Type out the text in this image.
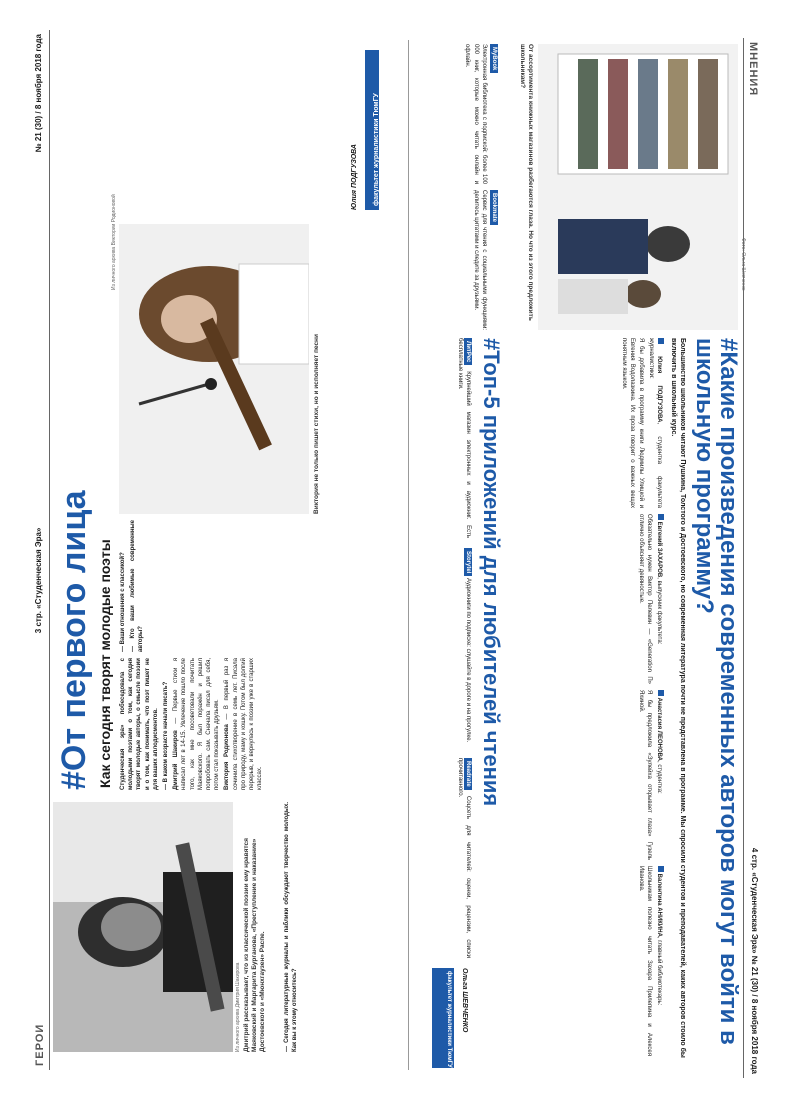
ГЕРОИ
3 стр. «Студенческая Эра»
№ 21 (30) / 8 ноября 2018 года
Из личного архива Дмитрия Шакирова
#От первого лица Как сегодня творят молодые поэты
Виктория не только пишет стихи, но и исполняет песни
Из личного архива Виктории Родионовой
Дмитрий рассказывает, что из классической поэзии ему нравятся Маяковский и Маргарита Бурганова, «Преступление и наказание» Достоевского и «Мюнхгаузен» Распе.

Студенческая эра» побеседовала с молодыми поэтами о том, как сегодня творят молодые авторы, о смысле поэзии и о том, как понимать, что поэт пишет не для ваших аплодисментов. — В каком возрасте начали писать? Дмитрий Шакиров — Первые стихи я написал лет в 14-15. Увлечение пошло после того, как мне посоветовали почитать Маяковского. Я был поражён и решил попробовать сам. Сначала писал для себя, потом стал показывать друзьям. Виктория Родионова — В первый раз я сочинила стихотворение в семь лет. Писала про природу, маму и кошку. Потом был долгий перерыв, и вернулась к поэзии уже в старших классах.

— Ваши отношения с классикой? — Кто ваши любимые современные авторы?

— Сегодня литературные журналы и паблики обсуждают творчество молодых. Как вы к этому относитесь?

Юлия ПОДГУЗОВА	факультет журналистики ТюмГУ
МНЕНИЯ
4 стр. «Студенческая Эра» № 21 (30) / 8 ноября 2018 года
#Какие произведения современных авторов могут войти в школьную программу?
Большинство школьников читают Пушкина, Толстого и Достоевского, но современная литература почти не представлена в программе. Мы спросили студентов и преподавателей, каких авторов стоило бы включить в школьный курс.
От ассортимента книжных магазинов разбегаются глаза. Но что из этого предложить школьникам?
Фото: Ольга Шевченко

Юлия ПОДГУЗОВА, студентка факультета журналистики:

Я бы добавила в программу книги Людмилы Улицкой и Евгения Водолазкина. Их проза говорит о важных вещах понятным языком.

Евгений ЗАХАРОВ, выпускник факультета:

Обязательно нужен Виктор Пелевин — «Generation П» отлично объясняет девяностые.

Анастасия ЛЕОНОВА, студентка:

Я бы предложила «Зулейха открывает глаза» Гузель Яхиной.

Валентина АНИКИНА, главный библиотекарь:

Школьникам полезно читать Захара Прилепина и Алексея Иванова.

#Топ-5 приложений для любителей чтения

MyBook

Электронная библиотека с подпиской: более 100 000 книг, которые можно читать онлайн и офлайн.

Bookmate

Сервис для чтения с социальными функциями: делитесь цитатами и следите за друзьями.

ЛитРес Крупнейший магазин электронных и аудиокниг. Есть бесплатные книги.

Storytel Аудиокниги по подписке: слушайте в дороге и на прогулке.

Readrate Соцсеть для читателей: оценки, рецензии, списки прочитанного.

Ольга ШЕВЧЕНКО
факультет журналистики ТюмГУ
